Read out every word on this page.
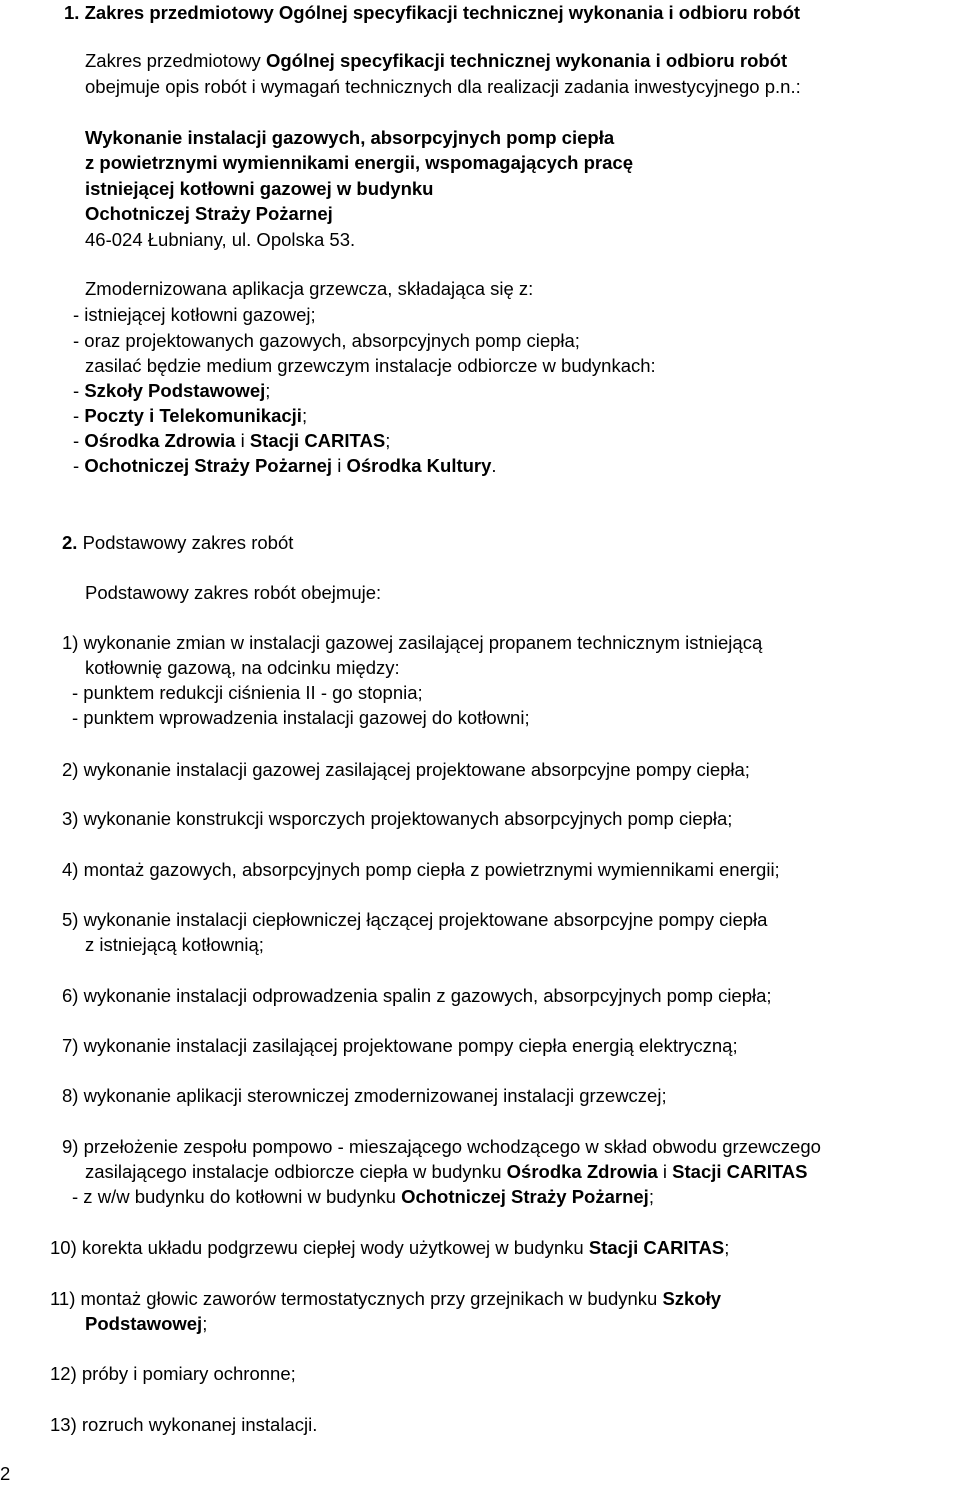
1. Zakres przedmiotowy Ogólnej specyfikacji technicznej wykonania i odbioru robót
Zakres przedmiotowy Ogólnej specyfikacji technicznej wykonania i odbioru robót
obejmuje opis robót i wymagań technicznych dla realizacji zadania inwestycyjnego p.n.:
Wykonanie instalacji gazowych, absorpcyjnych pomp ciepła
z powietrznymi wymiennikami energii, wspomagających pracę
istniejącej kotłowni gazowej w budynku
Ochotniczej Straży Pożarnej
46-024 Łubniany, ul. Opolska 53.
Zmodernizowana aplikacja grzewcza, składająca się z:
- istniejącej kotłowni gazowej;
- oraz projektowanych gazowych, absorpcyjnych pomp ciepła;
zasilać będzie medium grzewczym instalacje odbiorcze w budynkach:
- Szkoły Podstawowej;
- Poczty i Telekomunikacji;
- Ośrodka Zdrowia i Stacji CARITAS;
- Ochotniczej Straży Pożarnej i Ośrodka Kultury.
2. Podstawowy zakres robót
Podstawowy zakres robót obejmuje:
1) wykonanie zmian w instalacji gazowej zasilającej propanem technicznym istniejącą
kotłownię gazową, na odcinku między:
- punktem redukcji ciśnienia II - go stopnia;
- punktem wprowadzenia instalacji gazowej do kotłowni;
2) wykonanie instalacji gazowej zasilającej projektowane absorpcyjne pompy ciepła;
3) wykonanie konstrukcji wsporczych projektowanych absorpcyjnych pomp ciepła;
4) montaż gazowych, absorpcyjnych pomp ciepła z powietrznymi wymiennikami energii;
5) wykonanie instalacji ciepłowniczej łączącej projektowane absorpcyjne pompy ciepła
z istniejącą kotłownią;
6) wykonanie instalacji odprowadzenia spalin z gazowych, absorpcyjnych pomp ciepła;
7) wykonanie instalacji zasilającej projektowane pompy ciepła energią elektryczną;
8) wykonanie aplikacji sterowniczej zmodernizowanej instalacji grzewczej;
9) przełożenie zespołu pompowo - mieszającego wchodzącego w skład obwodu grzewczego
zasilającego instalacje odbiorcze ciepła w budynku Ośrodka Zdrowia i Stacji CARITAS
- z w/w budynku do kotłowni w budynku Ochotniczej Straży Pożarnej;
10) korekta układu podgrzewu ciepłej wody użytkowej w budynku Stacji CARITAS;
11) montaż głowic zaworów termostatycznych przy grzejnikach w budynku Szkoły
Podstawowej;
12) próby i pomiary ochronne;
13) rozruch wykonanej instalacji.
2
